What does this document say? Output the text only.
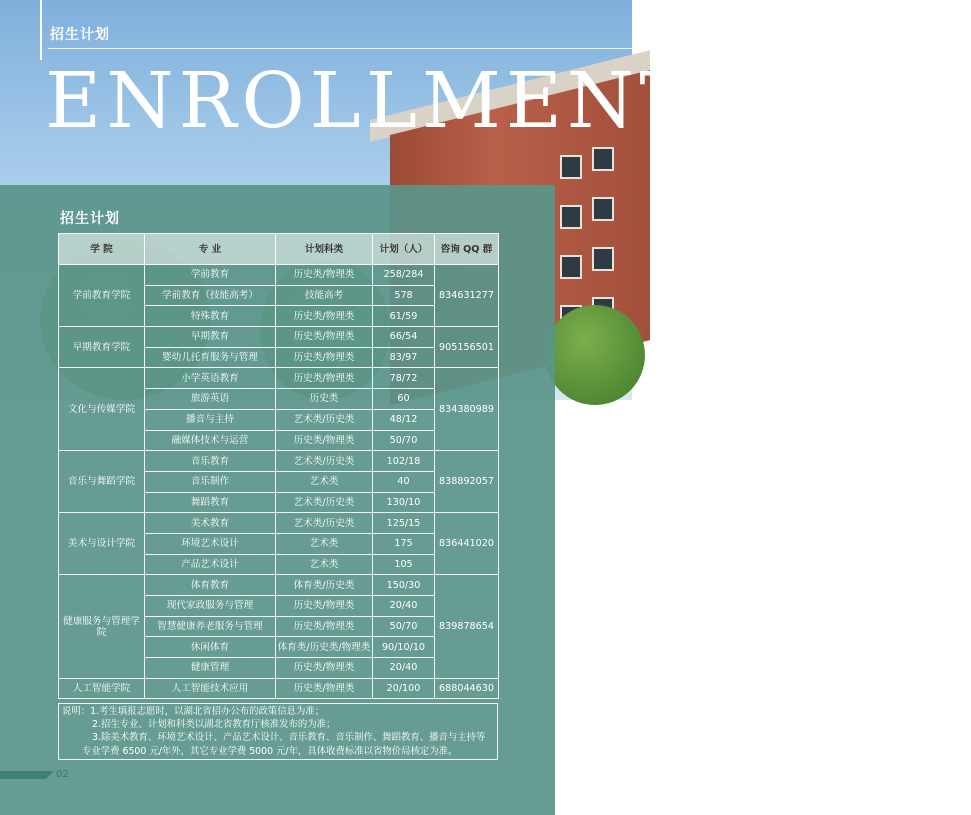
招生计划
ENROLLMENT PLAN
招生计划
学 院	专 业	计划科类	计划（人）	咨询 QQ 群
学前教育学院	学前教育	历史类/物理类	258/284	834631277
	学前教育（技能高考）	技能高考	578	
	特殊教育	历史类/物理类	61/59	
早期教育学院	早期教育	历史类/物理类	66/54	905156501
	婴幼儿托育服务与管理	历史类/物理类	83/97	
文化与传媒学院	小学英语教育	历史类/物理类	78/72	834380989
	旅游英语	历史类	60	
	播音与主持	艺术类/历史类	48/12	
	融媒体技术与运营	历史类/物理类	50/70	
音乐与舞蹈学院	音乐教育	艺术类/历史类	102/18	838892057
	音乐制作	艺术类	40	
	舞蹈教育	艺术类/历史类	130/10	
美术与设计学院	美术教育	艺术类/历史类	125/15	836441020
	环境艺术设计	艺术类	175	
	产品艺术设计	艺术类	105	
健康服务与管理学院	体育教育	体育类/历史类	150/30	839878654
	现代家政服务与管理	历史类/物理类	20/40	
	智慧健康养老服务与管理	历史类/物理类	50/70	
	休闲体育	体育类/历史类/物理类	90/10/10	
	健康管理	历史类/物理类	20/40	
人工智能学院	人工智能技术应用	历史类/物理类	20/100	688044630
说明：1.考生填报志愿时，以湖北省招办公布的政策信息为准；
2.招生专业、计划和科类以湖北省教育厅核准发布的为准；
3.除美术教育、环境艺术设计、产品艺术设计、音乐教育、音乐制作、舞蹈教育、播音与主持等
专业学费 6500 元/年外，其它专业学费 5000 元/年，具体收费标准以省物价局核定为准。
02
